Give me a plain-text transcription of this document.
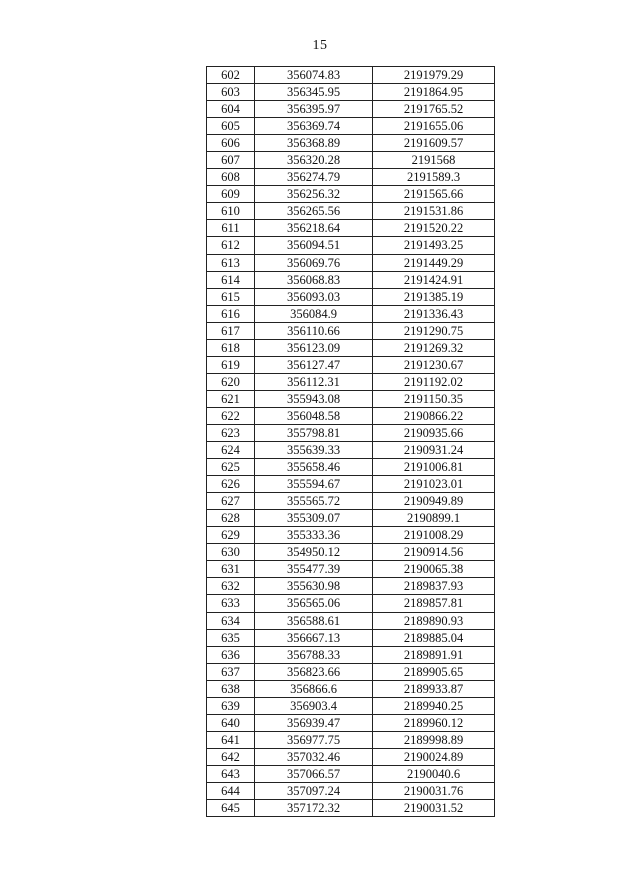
15
602	356074.83	2191979.29
603	356345.95	2191864.95
604	356395.97	2191765.52
605	356369.74	2191655.06
606	356368.89	2191609.57
607	356320.28	2191568
608	356274.79	2191589.3
609	356256.32	2191565.66
610	356265.56	2191531.86
611	356218.64	2191520.22
612	356094.51	2191493.25
613	356069.76	2191449.29
614	356068.83	2191424.91
615	356093.03	2191385.19
616	356084.9	2191336.43
617	356110.66	2191290.75
618	356123.09	2191269.32
619	356127.47	2191230.67
620	356112.31	2191192.02
621	355943.08	2191150.35
622	356048.58	2190866.22
623	355798.81	2190935.66
624	355639.33	2190931.24
625	355658.46	2191006.81
626	355594.67	2191023.01
627	355565.72	2190949.89
628	355309.07	2190899.1
629	355333.36	2191008.29
630	354950.12	2190914.56
631	355477.39	2190065.38
632	355630.98	2189837.93
633	356565.06	2189857.81
634	356588.61	2189890.93
635	356667.13	2189885.04
636	356788.33	2189891.91
637	356823.66	2189905.65
638	356866.6	2189933.87
639	356903.4	2189940.25
640	356939.47	2189960.12
641	356977.75	2189998.89
642	357032.46	2190024.89
643	357066.57	2190040.6
644	357097.24	2190031.76
645	357172.32	2190031.52
